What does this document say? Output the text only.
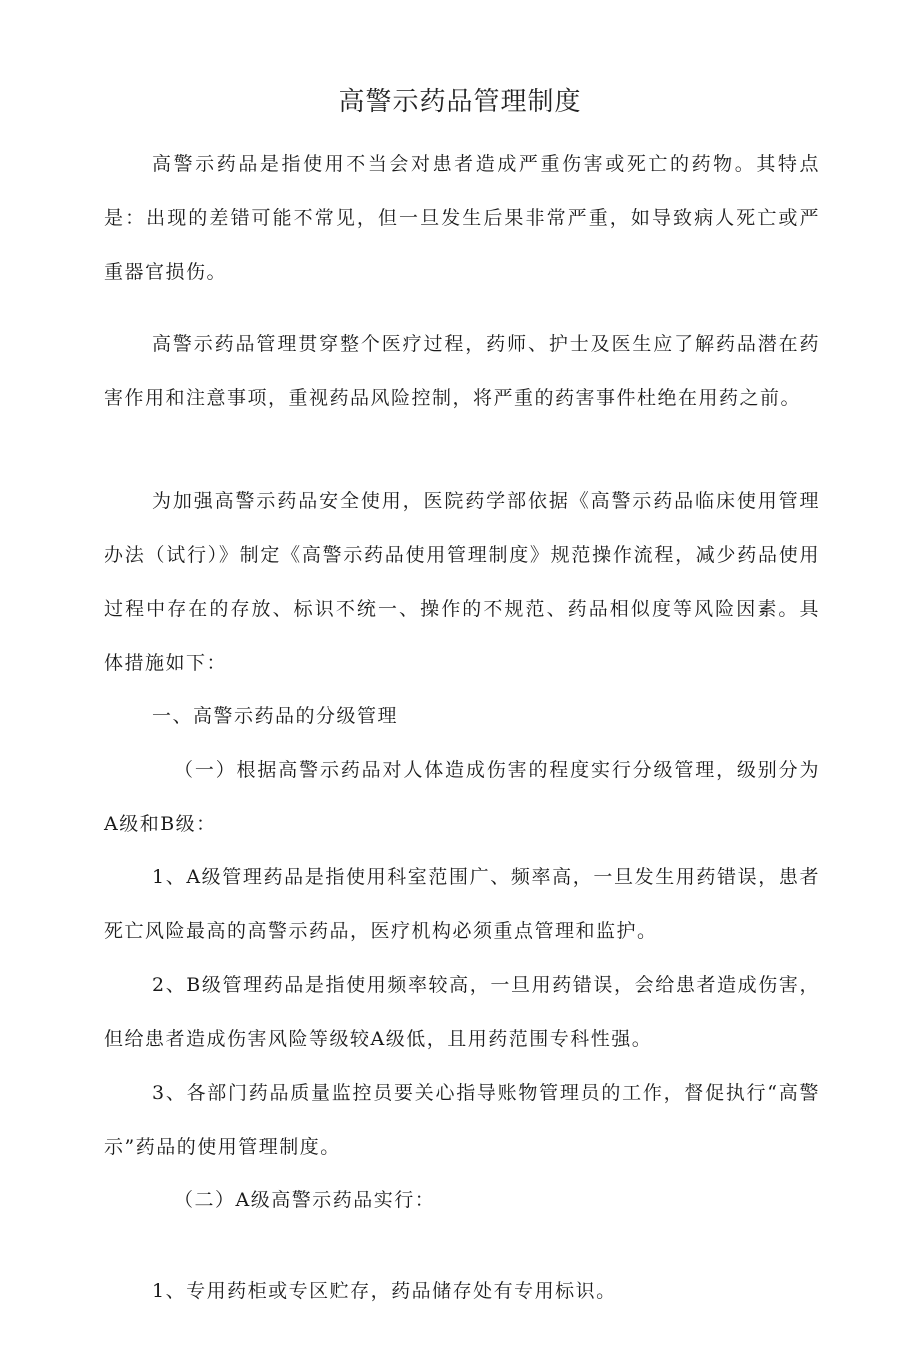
高警示药品管理制度

高警示药品是指使用不当会对患者造成严重伤害或死亡的药物。其特点是：出现的差错可能不常见，但一旦发生后果非常严重，如导致病人死亡或严重器官损伤。

高警示药品管理贯穿整个医疗过程，药师、护士及医生应了解药品潜在药害作用和注意事项，重视药品风险控制，将严重的药害事件杜绝在用药之前。

为加强高警示药品安全使用，医院药学部依据《高警示药品临床使用管理办法（试行）》制定《高警示药品使用管理制度》规范操作流程，减少药品使用过程中存在的存放、标识不统一、操作的不规范、药品相似度等风险因素。具体措施如下：

一、高警示药品的分级管理

（一）根据高警示药品对人体造成伤害的程度实行分级管理，级别分为A级和B级：

1、A级管理药品是指使用科室范围广、频率高，一旦发生用药错误，患者死亡风险最高的高警示药品，医疗机构必须重点管理和监护。

2、B级管理药品是指使用频率较高，一旦用药错误，会给患者造成伤害，但给患者造成伤害风险等级较A级低，且用药范围专科性强。

3、各部门药品质量监控员要关心指导账物管理员的工作，督促执行“高警示”药品的使用管理制度。

（二）A级高警示药品实行：

1、专用药柜或专区贮存，药品储存处有专用标识。
